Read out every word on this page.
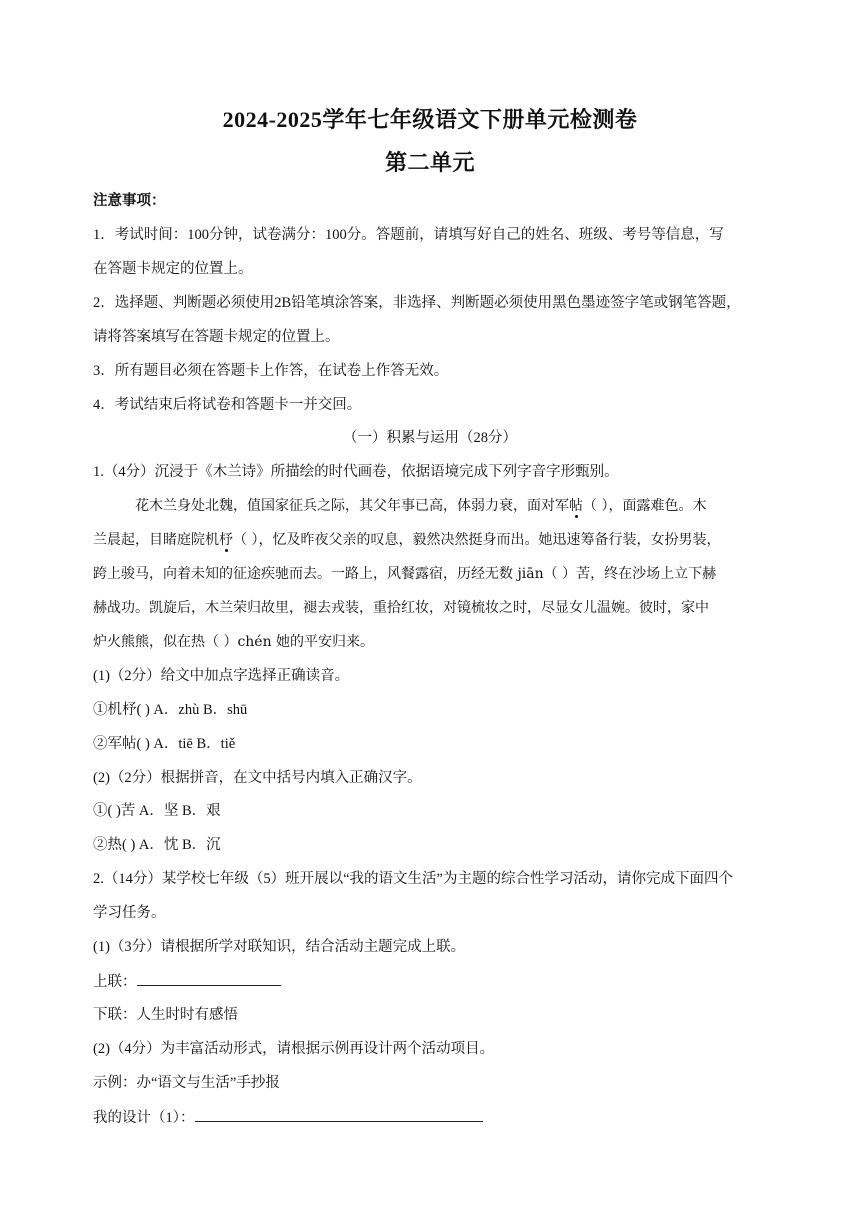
2024-2025学年七年级语文下册单元检测卷
第二单元
注意事项：
1．考试时间：100分钟，试卷满分：100分。答题前，请填写好自己的姓名、班级、考号等信息，写
在答题卡规定的位置上。
2．选择题、判断题必须使用2B铅笔填涂答案，非选择、判断题必须使用黑色墨迹签字笔或钢笔答题，
请将答案填写在答题卡规定的位置上。
3．所有题目必须在答题卡上作答，在试卷上作答无效。
4．考试结束后将试卷和答题卡一并交回。
（一）积累与运用（28分）
1.（4分）沉浸于《木兰诗》所描绘的时代画卷，依据语境完成下列字音字形甄别。
花木兰身处北魏，值国家征兵之际，其父年事已高，体弱力衰，面对军帖（ ），面露难色。木
兰晨起，目睹庭院机杼（ ），忆及昨夜父亲的叹息，毅然决然挺身而出。她迅速筹备行装，女扮男装，
跨上骏马，向着未知的征途疾驰而去。一路上，风餐露宿，历经无数 jiān（ ）苦，终在沙场上立下赫
赫战功。凯旋后，木兰荣归故里，褪去戎装，重拾红妆，对镜梳妆之时，尽显女儿温婉。彼时，家中
炉火熊熊，似在热（ ）chén 她的平安归来。
(1)（2分）给文中加点字选择正确读音。
①机杼( ) A．zhù B．shū
②军帖( ) A．tiē B．tiě
(2)（2分）根据拼音，在文中括号内填入正确汉字。
①( )苦 A．坚 B．艰
②热( ) A．忱 B．沉
2.（14分）某学校七年级（5）班开展以“我的语文生活”为主题的综合性学习活动，请你完成下面四个
学习任务。
(1)（3分）请根据所学对联知识，结合活动主题完成上联。
上联：
下联：人生时时有感悟
(2)（4分）为丰富活动形式，请根据示例再设计两个活动项目。
示例：办“语文与生活”手抄报
我的设计（1）：
